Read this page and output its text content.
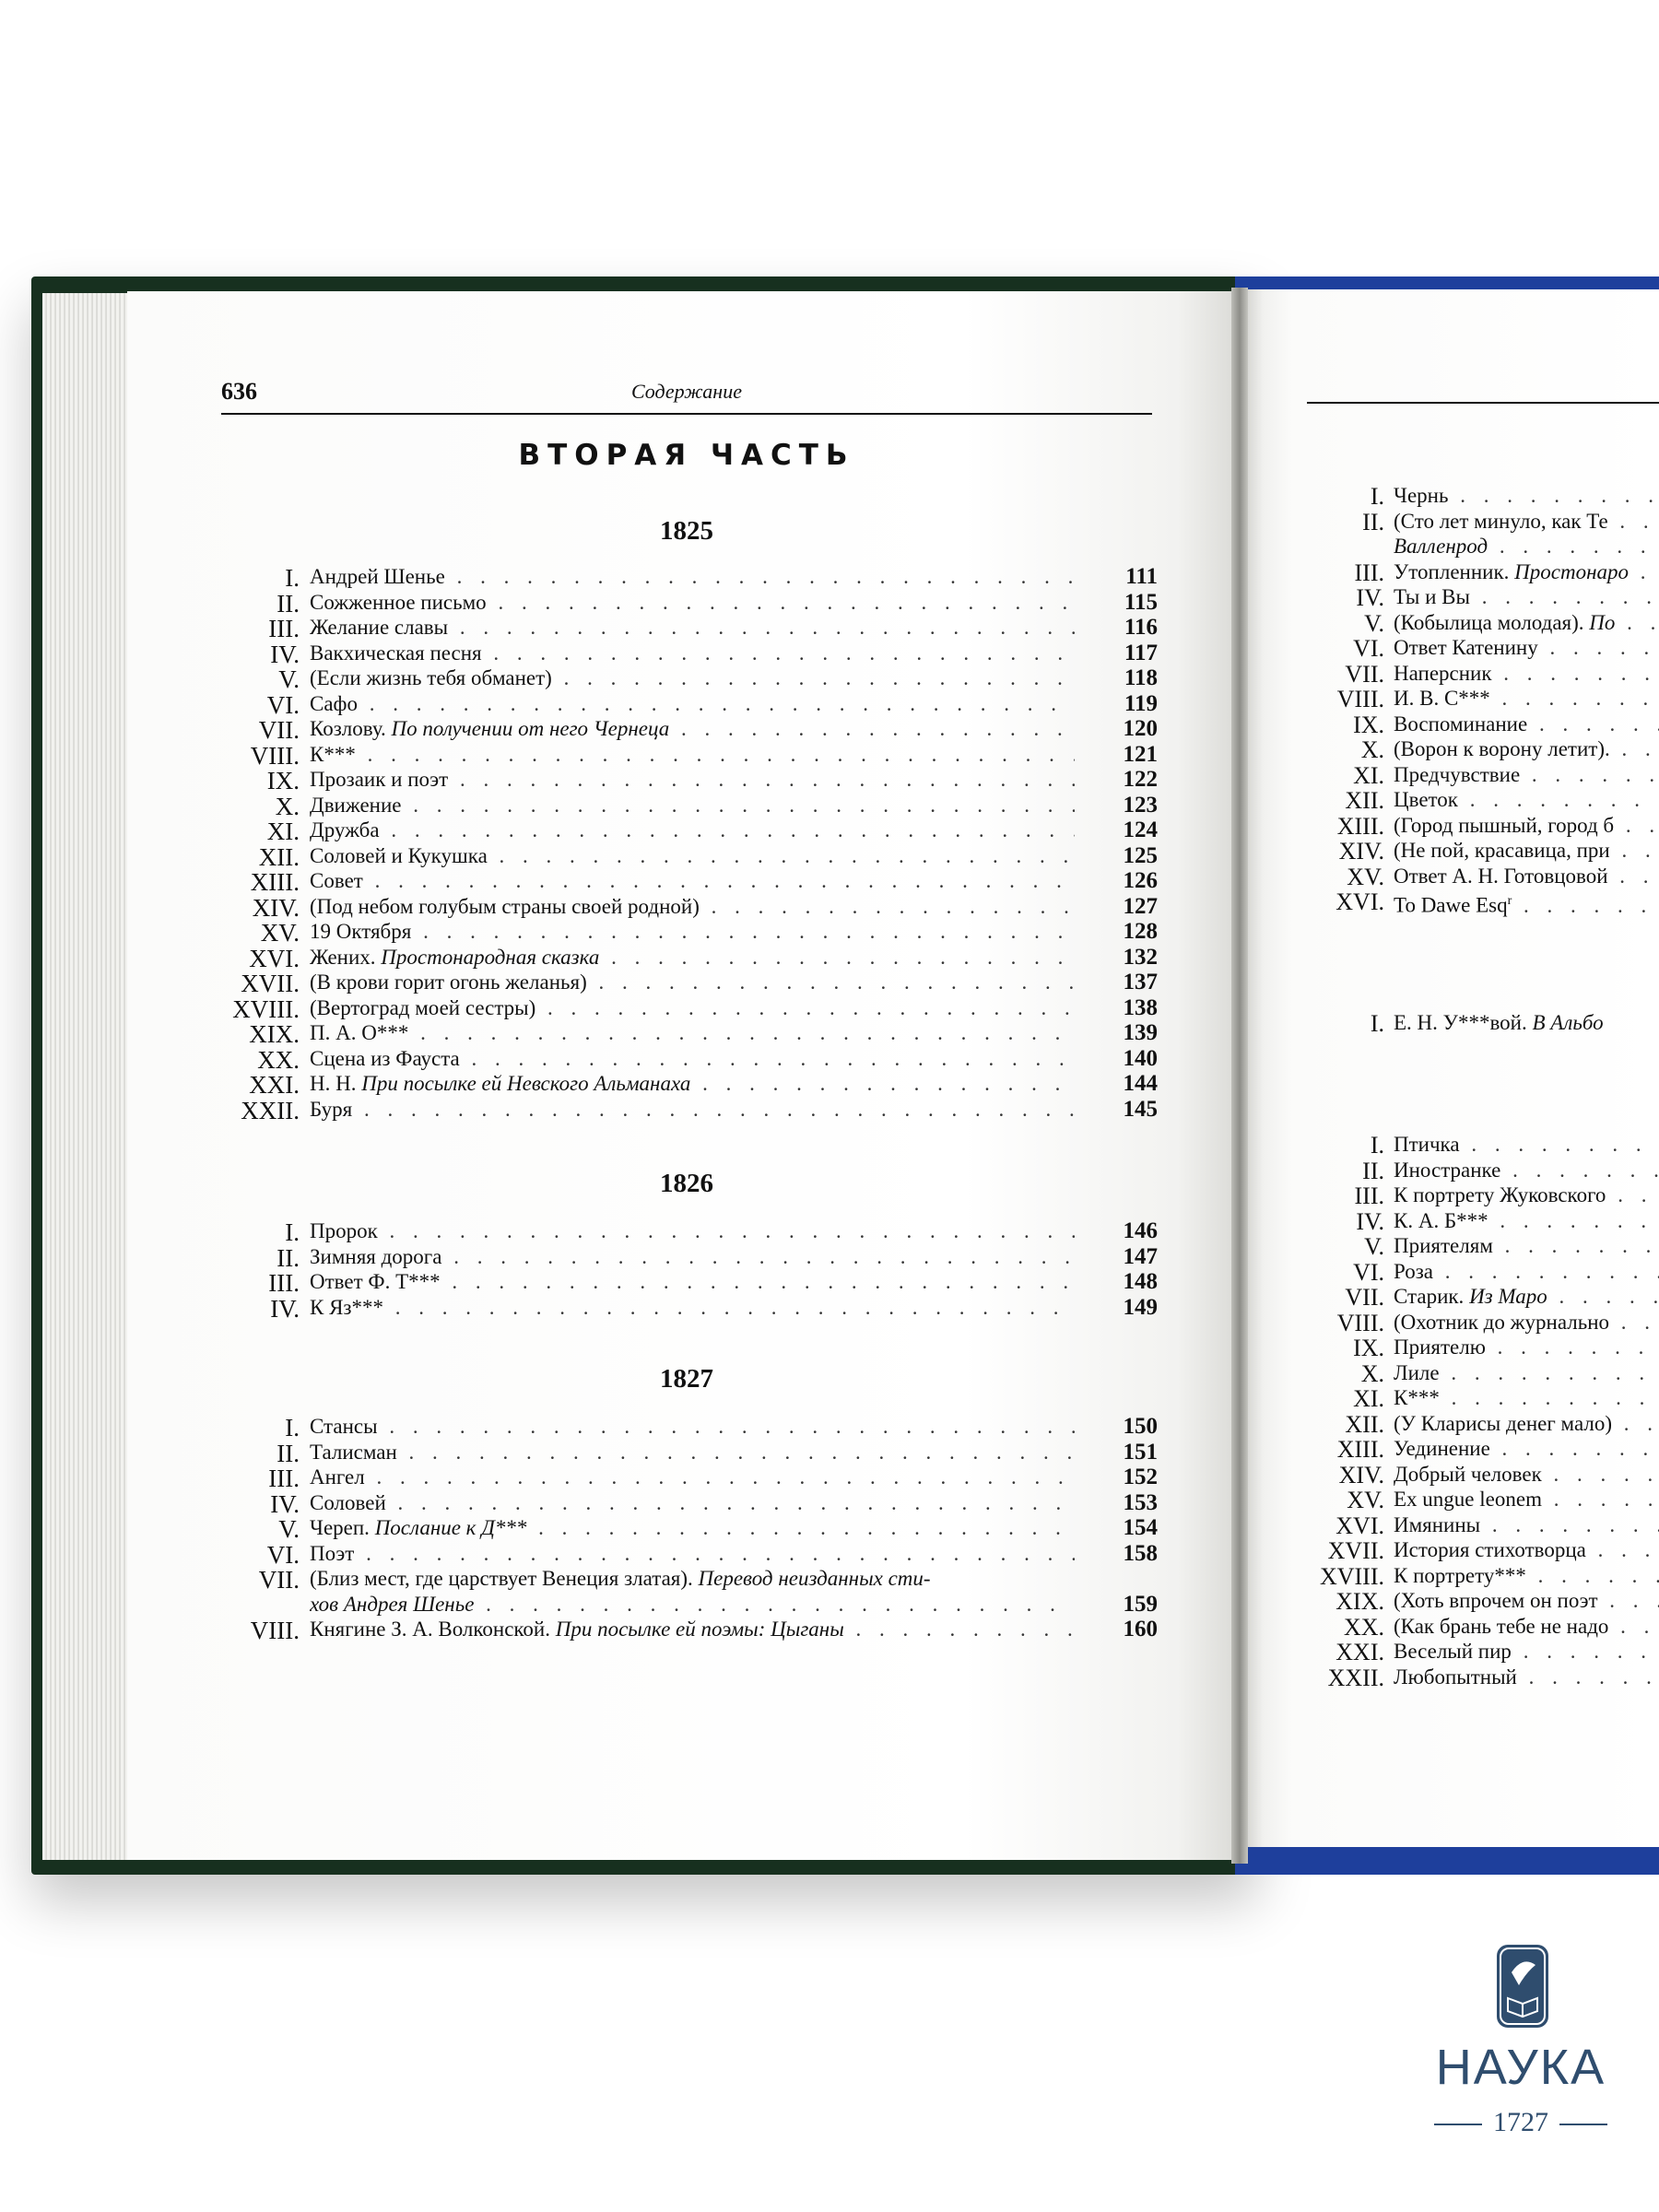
636	Содержание
ВТОРАЯ ЧАСТЬ
1825
I. Андрей Шенье . . .	111
II. Сожженное письмо . . .	115
III. Желание славы . . .	116
IV. Вакхическая песня . . .	117
V. (Если жизнь тебя обманет) . . .	118
VI. Сафо . . .	119
VII. Козлову. По получении от него Чернеца . . .	120
VIII. К*** . . .	121
IX. Прозаик и поэт . . .	122
X. Движение . . .	123
XI. Дружба . . .	124
XII. Соловей и Кукушка . . .	125
XIII. Совет . . .	126
XIV. (Под небом голубым страны своей родной) . . .	127
XV. 19 Октября . . .	128
XVI. Жених. Простонародная сказка . . .	132
XVII. (В крови горит огонь желанья) . . .	137
XVIII. (Вертоград моей сестры) . . .	138
XIX. П. А. О*** . . .	139
XX. Сцена из Фауста . . .	140
XXI. Н. Н. При посылке ей Невского Альманаха . . .	144
XXII. Буря . . .	145
1826
I. Пророк . . .	146
II. Зимняя дорога . . .	147
III. Ответ Ф. Т*** . . .	148
IV. К Яз*** . . .	149
1827
I. Стансы . . .	150
II. Талисман . . .	151
III. Ангел . . .	152
IV. Соловей . . .	153
V. Череп. Послание к Д*** . . .	154
VI. Поэт . . .	158
VII. (Близ мест, где царствует Венеция златая). Перевод неизданных сти-
хов Андрея Шенье . . .	159
VIII. Княгине З. А. Волконской. При посылке ей поэмы: Цыганы . . .	160
I. Чернь . . .
II. (Сто лет минуло, как Те . . .
Валленрод . . .
III. Утопленник. Простонаро . . .
IV. Ты и Вы . . .
V. (Кобылица молодая). По . . .
VI. Ответ Катенину . . .
VII. Наперсник . . .
VIII. И. В. С*** . . .
IX. Воспоминание . . .
X. (Ворон к ворону летит). . . .
XI. Предчувствие . . .
XII. Цветок . . .
XIII. (Город пышный, город б . . .
XIV. (Не пой, красавица, при . . .
XV. Ответ А. Н. Готовцовой . . .
XVI. To Dawe Esq$^r$ . . .
I. Е. Н. У***вой. В Альбо
I. Птичка . . .
II. Иностранке . . .
III. К портрету Жуковского . . .
IV. К. А. Б*** . . .
V. Приятелям . . .
VI. Роза . . .
VII. Старик. Из Маро . . .
VIII. (Охотник до журнально . . .
IX. Приятелю . . .
X. Лиле . . .
XI. К*** . . .
XII. (У Кларисы денег мало) . . .
XIII. Уединение . . .
XIV. Добрый человек . . .
XV. Ex ungue leonem . . .
XVI. Имянины . . .
XVII. История стихотворца . . .
XVIII. К портрету*** . . .
XIX. (Хоть впрочем он поэт . . .
XX. (Как брань тебе не надо . . .
XXI. Веселый пир . . .
XXII. Любопытный . . .
НАУКА
1727
